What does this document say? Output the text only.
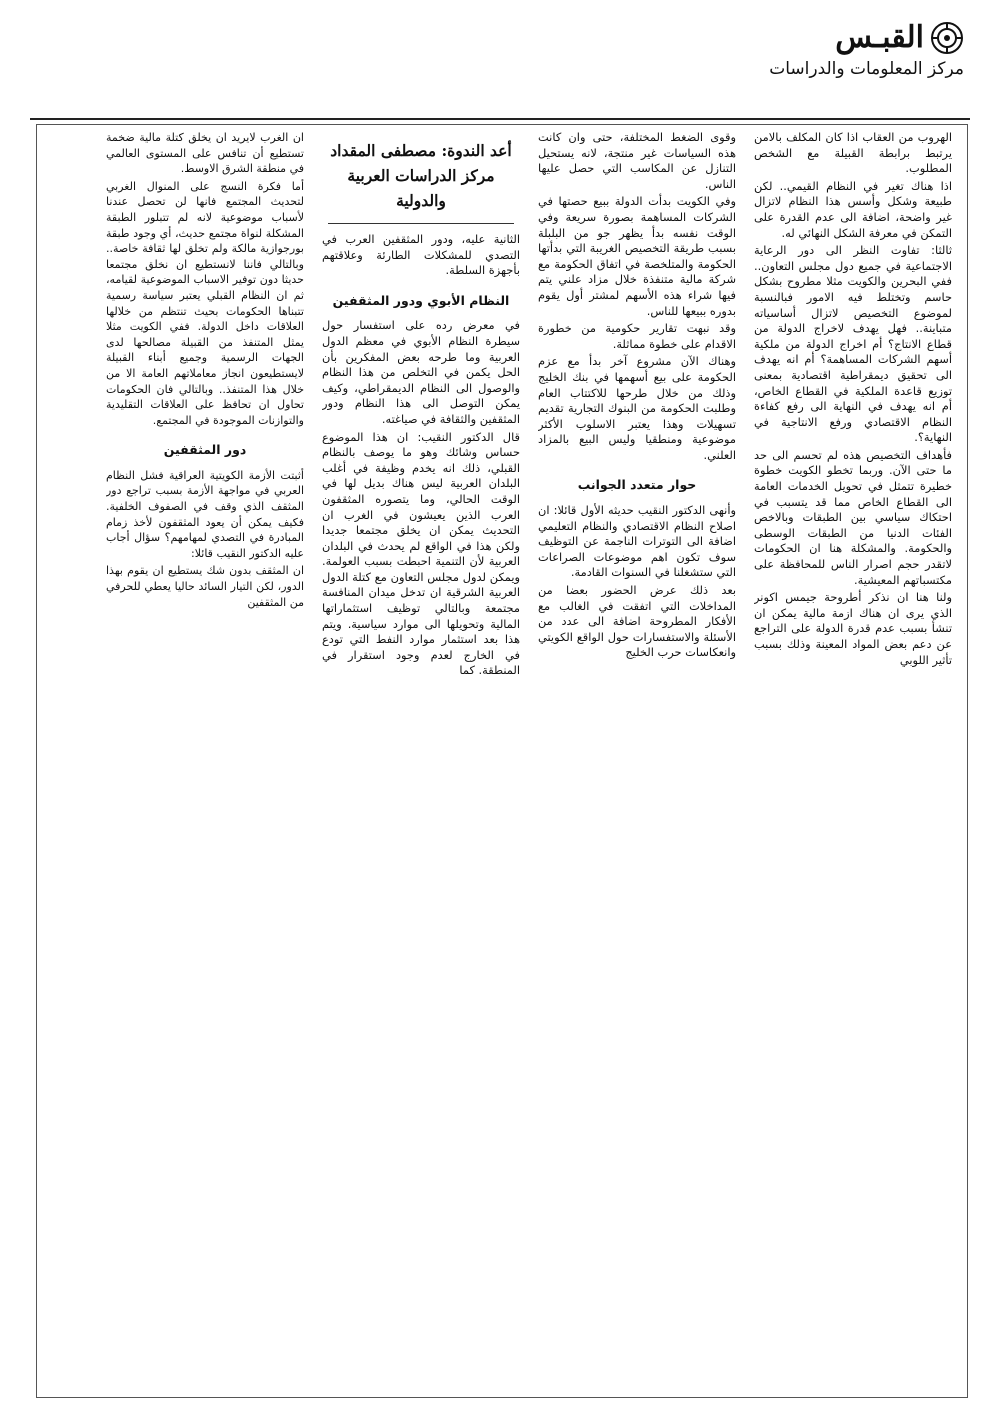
القبـس
مركز المعلومات والدراسات

الهروب من العقاب اذا كان المكلف بالامن يرتبط برابطة القبيلة مع الشخص المطلوب.

اذا هناك تغير في النظام القيمي.. لكن طبيعة وشكل وأسس هذا النظام لاتزال غير واضحة، اضافة الى عدم القدرة على التمكن في معرفة الشكل النهائي له.

ثالثا: تفاوت النظر الى دور الرعاية الاجتماعية في جميع دول مجلس التعاون.. ففي البحرين والكويت مثلا مطروح بشكل حاسم وتختلط فيه الامور فبالنسبة لموضوع التخصيص لاتزال أساسياته متباينة.. فهل يهدف لاخراج الدولة من قطاع الانتاج؟ أم اخراج الدولة من ملكية أسهم الشركات المساهمة؟ أم انه يهدف الى تحقيق ديمقراطية اقتصادية بمعنى توزيع قاعدة الملكية في القطاع الخاص، أم انه يهدف في النهاية الى رفع كفاءة النظام الاقتصادي ورفع الانتاجية في النهاية؟.

فأهداف التخصيص هذه لم تحسم الى حد ما حتى الآن. وربما تخطو الكويت خطوة خطيرة تتمثل في تحويل الخدمات العامة الى القطاع الخاص مما قد يتسبب في احتكاك سياسي بين الطبقات وبالاخص الفئات الدنيا من الطبقات الوسطى والحكومة. والمشكلة هنا ان الحكومات لاتقدر حجم اصرار الناس للمحافظة على مكتسباتهم المعيشية.

ولنا هنا ان نذكر أطروحة جيمس اكونر الذي يرى ان هناك ازمة مالية يمكن ان تنشأ بسبب عدم قدرة الدولة على التراجع عن دعم بعض المواد المعينة وذلك بسبب تأثير اللوبي

وقوى الضغط المختلفة، حتى وان كانت هذه السياسات غير منتجة، لانه يستحيل التنازل عن المكاسب التي حصل عليها الناس.

وفي الكويت بدأت الدولة ببيع حصتها في الشركات المساهمة بصورة سريعة وفي الوقت نفسه بدأ يظهر جو من البلبلة بسبب طريقة التخصيص الغريبة التي بدأتها الحكومة والمتلخصة في اتفاق الحكومة مع شركة مالية متنفذة خلال مزاد علني يتم فيها شراء هذه الأسهم لمشتر أول يقوم بدوره ببيعها للناس.

وقد نبهت تقارير حكومية من خطورة الاقدام على خطوة مماثلة.

وهناك الآن مشروع آخر بدأ مع عزم الحكومة على بيع أسهمها في بنك الخليج وذلك من خلال طرحها للاكتتاب العام وطلبت الحكومة من البنوك التجارية تقديم تسهيلات وهذا يعتبر الاسلوب الأكثر موضوعية ومنطقيا وليس البيع بالمزاد العلني.

حوار متعدد الجوانب

وأنهى الدكتور النقيب حديثه الأول قائلا: ان اصلاح النظام الاقتصادي والنظام التعليمي اضافة الى التوترات الناجمة عن التوظيف سوف تكون اهم موضوعات الصراعات التي ستشغلنا في السنوات القادمة.

بعد ذلك عرض الحضور بعضا من المداخلات التي اتفقت في الغالب مع الأفكار المطروحة اضافة الى عدد من الأسئلة والاستفسارات حول الواقع الكويتي وانعكاسات حرب الخليج

أعد الندوة: مصطفى المقداد
مركز الدراسات العربية
والدولية

الثانية عليه، ودور المثقفين العرب في التصدي للمشكلات الطارئة وعلاقتهم بأجهزة السلطة.

النظام الأبوي ودور المثقفين

في معرض رده على استفسار حول سيطرة النظام الأبوي في معظم الدول العربية وما طرحه بعض المفكرين بأن الحل يكمن في التخلص من هذا النظام والوصول الى النظام الديمقراطي، وكيف يمكن التوصل الى هذا النظام ودور المثقفين والثقافة في صياغته.

قال الدكتور النقيب: ان هذا الموضوع حساس وشائك وهو ما يوصف بالنظام القبلي، ذلك انه يخدم وظيفة في أغلب البلدان العربية ليس هناك بديل لها في الوقت الحالي، وما يتصوره المثقفون العرب الذين يعيشون في الغرب ان التحديث يمكن ان يخلق مجتمعا جديدا ولكن هذا في الواقع لم يحدث في البلدان العربية لأن التنمية احبطت بسبب العولمة. ويمكن لدول مجلس التعاون مع كتلة الدول العربية الشرقية ان تدخل ميدان المنافسة مجتمعة وبالتالي توظيف استثماراتها المالية وتحويلها الى موارد سياسية. ويتم هذا بعد استثمار موارد النفط التي تودع في الخارج لعدم وجود استقرار في المنطقة. كما

ان الغرب لايريد ان يخلق كتلة مالية ضخمة تستطيع أن تنافس على المستوى العالمي في منطقة الشرق الاوسط.

أما فكرة النسج على المنوال الغربي لتحديث المجتمع فانها لن تحصل عندنا لأسباب موضوعية لانه لم تتبلور الطبقة المشكلة لنواة مجتمع حديث، أي وجود طبقة بورجوازية مالكة ولم تخلق لها ثقافة خاصة.. وبالتالي فاننا لانستطيع ان نخلق مجتمعا حديثا دون توفير الاسباب الموضوعية لقيامه، ثم ان النظام القبلي يعتبر سياسة رسمية تتبناها الحكومات بحيث تنتظم من خلالها العلاقات داخل الدولة. ففي الكويت مثلا يمثل المتنفذ من القبيلة مصالحها لدى الجهات الرسمية وجميع أبناء القبيلة لايستطيعون انجاز معاملاتهم العامة الا من خلال هذا المتنفذ.. وبالتالي فان الحكومات تحاول ان تحافظ على العلاقات التقليدية والتوازنات الموجودة في المجتمع.

دور المثقفين

أثبتت الأزمة الكويتية العراقية فشل النظام العربي في مواجهة الأزمة بسبب تراجع دور المثقف الذي وقف في الصفوف الخلفية. فكيف يمكن أن يعود المثقفون لأخذ زمام المبادرة في التصدي لمهامهم؟ سؤال أجاب عليه الدكتور النقيب قائلا:

ان المثقف بدون شك يستطيع ان يقوم بهذا الدور، لكن التيار السائد حاليا يعطي للحرفي من المثقفين
